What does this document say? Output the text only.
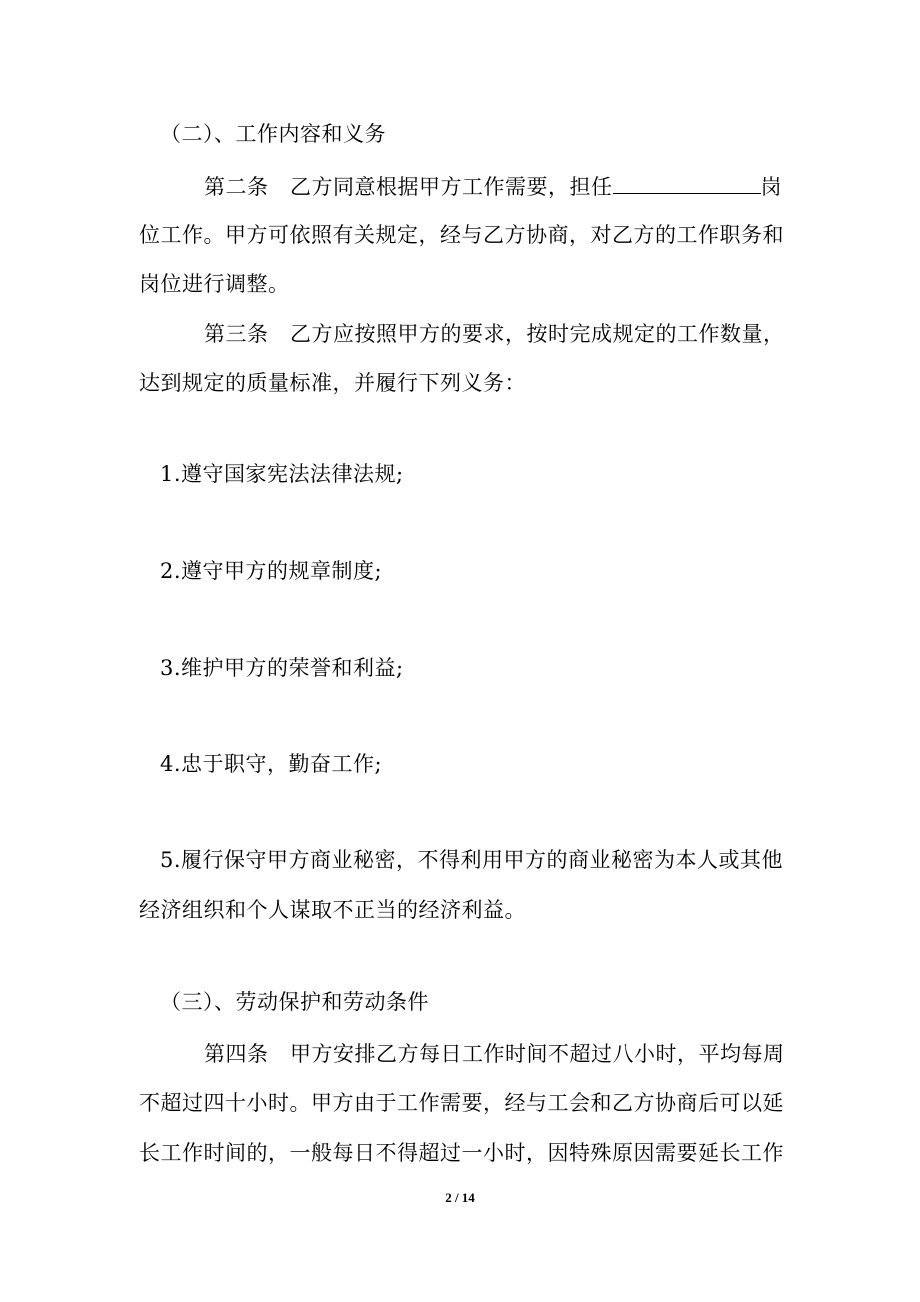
（二）、工作内容和义务
第二条　乙方同意根据甲方工作需要，担任	岗
位工作。甲方可依照有关规定，经与乙方协商，对乙方的工作职务和
岗位进行调整。
第三条　乙方应按照甲方的要求，按时完成规定的工作数量，
达到规定的质量标准，并履行下列义务：
1.遵守国家宪法法律法规;
2.遵守甲方的规章制度;
3.维护甲方的荣誉和利益;
4.忠于职守，勤奋工作;
5.履行保守甲方商业秘密，不得利用甲方的商业秘密为本人或其他
经济组织和个人谋取不正当的经济利益。
（三）、劳动保护和劳动条件
第四条　甲方安排乙方每日工作时间不超过八小时，平均每周
不超过四十小时。甲方由于工作需要，经与工会和乙方协商后可以延
长工作时间的，一般每日不得超过一小时，因特殊原因需要延长工作
2 / 14
